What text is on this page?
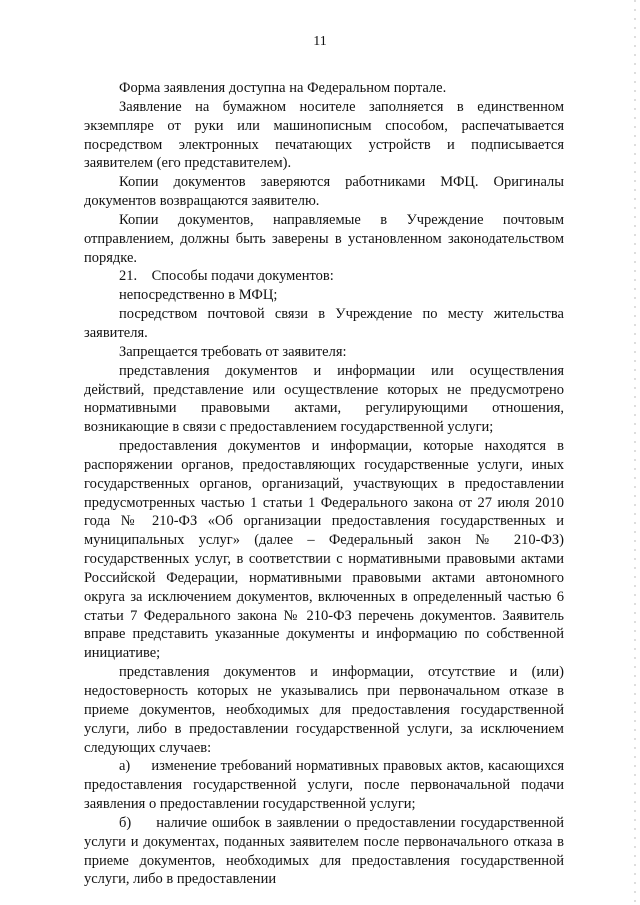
11

Форма заявления доступна на Федеральном портале.

Заявление на бумажном носителе заполняется в единственном экземпляре от руки или машинописным способом, распечатывается посредством электронных печатающих устройств и подписывается заявителем (его представителем).

Копии документов заверяются работниками МФЦ. Оригиналы документов возвращаются заявителю.

Копии документов, направляемые в Учреждение почтовым отправлением, должны быть заверены в установленном законодательством порядке.

21.    Способы подачи документов:

непосредственно в МФЦ;

посредством почтовой связи в Учреждение по месту жительства заявителя.

Запрещается требовать от заявителя:

представления документов и информации или осуществления действий, представление или осуществление которых не предусмотрено нормативными правовыми актами, регулирующими отношения, возникающие в связи с предоставлением государственной услуги;

предоставления документов и информации, которые находятся в распоряжении органов, предоставляющих государственные услуги, иных государственных органов, организаций, участвующих в предоставлении предусмотренных частью 1 статьи 1 Федерального закона от 27 июля 2010 года № 210-ФЗ «Об организации предоставления государственных и муниципальных услуг» (далее – Федеральный закон № 210-ФЗ) государственных услуг, в соответствии с нормативными правовыми актами Российской Федерации, нормативными правовыми актами автономного округа за исключением документов, включенных в определенный частью 6 статьи 7 Федерального закона № 210-ФЗ перечень документов. Заявитель вправе представить указанные документы и информацию по собственной инициативе;

представления документов и информации, отсутствие и (или) недостоверность которых не указывались при первоначальном отказе в приеме документов, необходимых для предоставления государственной услуги, либо в предоставлении государственной услуги, за исключением следующих случаев:

а)     изменение требований нормативных правовых актов, касающихся предоставления государственной услуги, после первоначальной подачи заявления о предоставлении государственной услуги;

б)     наличие ошибок в заявлении о предоставлении государственной услуги и документах, поданных заявителем после первоначального отказа в приеме документов, необходимых для предоставления государственной услуги, либо в предоставлении
